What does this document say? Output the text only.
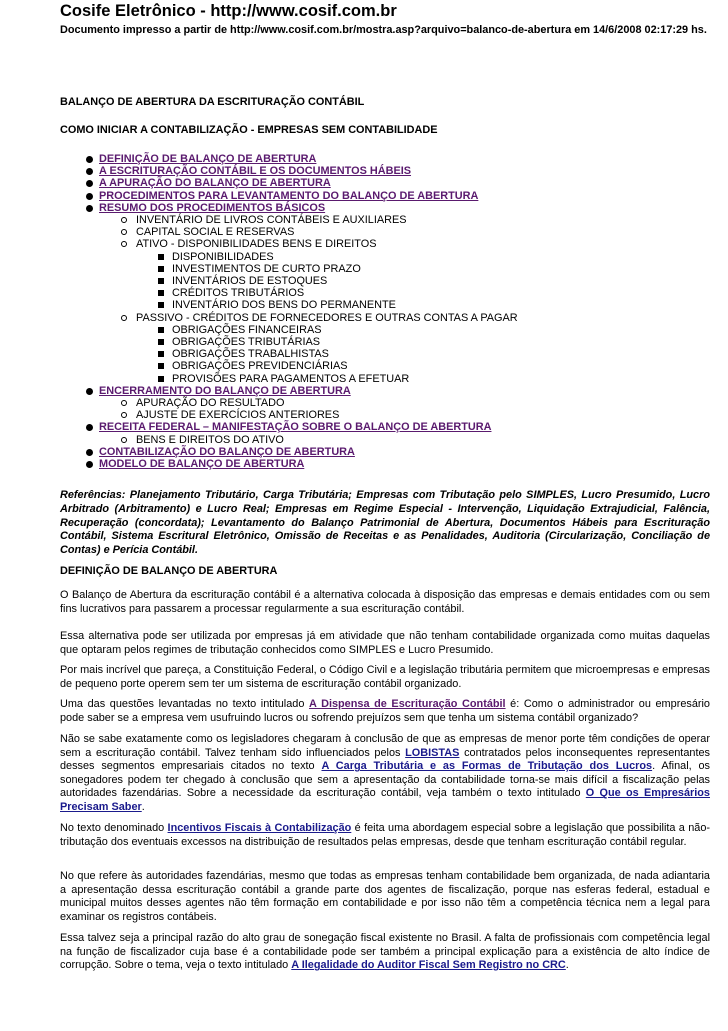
Cosife Eletrônico - http://www.cosif.com.br
Documento impresso a partir de http://www.cosif.com.br/mostra.asp?arquivo=balanco-de-abertura em 14/6/2008 02:17:29 hs.
BALANÇO DE ABERTURA DA ESCRITURAÇÃO CONTÁBIL
COMO INICIAR A CONTABILIZAÇÃO - EMPRESAS SEM CONTABILIDADE
DEFINIÇÃO DE BALANÇO DE ABERTURA
A ESCRITURAÇÃO CONTÁBIL E OS DOCUMENTOS HÁBEIS
A APURAÇÃO DO BALANÇO DE ABERTURA
PROCEDIMENTOS PARA LEVANTAMENTO DO BALANÇO DE ABERTURA
RESUMO DOS PROCEDIMENTOS BÁSICOS
INVENTÁRIO DE LIVROS CONTÁBEIS E AUXILIARES
CAPITAL SOCIAL E RESERVAS
ATIVO - DISPONIBILIDADES BENS E DIREITOS
DISPONIBILIDADES
INVESTIMENTOS DE CURTO PRAZO
INVENTÁRIOS DE ESTOQUES
CRÉDITOS TRIBUTÁRIOS
INVENTÁRIO DOS BENS DO PERMANENTE
PASSIVO - CRÉDITOS DE FORNECEDORES E OUTRAS CONTAS A PAGAR
OBRIGAÇÕES FINANCEIRAS
OBRIGAÇÕES TRIBUTÁRIAS
OBRIGAÇÕES TRABALHISTAS
OBRIGAÇÕES PREVIDENCIÁRIAS
PROVISÕES PARA PAGAMENTOS A EFETUAR
ENCERRAMENTO DO BALANÇO DE ABERTURA
APURAÇÃO DO RESULTADO
AJUSTE DE EXERCÍCIOS ANTERIORES
RECEITA FEDERAL – MANIFESTAÇÃO SOBRE O BALANÇO DE ABERTURA
BENS E DIREITOS DO ATIVO
CONTABILIZAÇÃO DO BALANÇO DE ABERTURA
MODELO DE BALANÇO DE ABERTURA
Referências: Planejamento Tributário, Carga Tributária; Empresas com Tributação pelo SIMPLES, Lucro Presumido, Lucro Arbitrado (Arbitramento) e Lucro Real; Empresas em Regime Especial - Intervenção, Liquidação Extrajudicial, Falência, Recuperação (concordata); Levantamento do Balanço Patrimonial de Abertura, Documentos Hábeis para Escrituração Contábil, Sistema Escritural Eletrônico, Omissão de Receitas e as Penalidades, Auditoria (Circularização, Conciliação de Contas) e Perícia Contábil.
DEFINIÇÃO DE BALANÇO DE ABERTURA
O Balanço de Abertura da escrituração contábil é a alternativa colocada à disposição das empresas e demais entidades com ou sem fins lucrativos para passarem a processar regularmente a sua escrituração contábil.
Essa alternativa pode ser utilizada por empresas já em atividade que não tenham contabilidade organizada como muitas daquelas que optaram pelos regimes de tributação conhecidos como SIMPLES e Lucro Presumido.
Por mais incrível que pareça, a Constituição Federal, o Código Civil e a legislação tributária permitem que microempresas e empresas de pequeno porte operem sem ter um sistema de escrituração contábil organizado.
Uma das questões levantadas no texto intitulado A Dispensa de Escrituração Contábil é: Como o administrador ou empresário pode saber se a empresa vem usufruindo lucros ou sofrendo prejuízos sem que tenha um sistema contábil organizado?
Não se sabe exatamente como os legisladores chegaram à conclusão de que as empresas de menor porte têm condições de operar sem a escrituração contábil. Talvez tenham sido influenciados pelos LOBISTAS contratados pelos inconsequentes representantes desses segmentos empresariais citados no texto A Carga Tributária e as Formas de Tributação dos Lucros. Afinal, os sonegadores podem ter chegado à conclusão que sem a apresentação da contabilidade torna-se mais difícil a fiscalização pelas autoridades fazendárias. Sobre a necessidade da escrituração contábil, veja também o texto intitulado O Que os Empresários Precisam Saber.
No texto denominado Incentivos Fiscais à Contabilização é feita uma abordagem especial sobre a legislação que possibilita a não-tributação dos eventuais excessos na distribuição de resultados pelas empresas, desde que tenham escrituração contábil regular.
No que refere às autoridades fazendárias, mesmo que todas as empresas tenham contabilidade bem organizada, de nada adiantaria a apresentação dessa escrituração contábil a grande parte dos agentes de fiscalização, porque nas esferas federal, estadual e municipal muitos desses agentes não têm formação em contabilidade e por isso não têm a competência técnica nem a legal para examinar os registros contábeis.
Essa talvez seja a principal razão do alto grau de sonegação fiscal existente no Brasil. A falta de profissionais com competência legal na função de fiscalizador cuja base é a contabilidade pode ser também a principal explicação para a existência de alto índice de corrupção. Sobre o tema, veja o texto intitulado A Ilegalidade do Auditor Fiscal Sem Registro no CRC.
